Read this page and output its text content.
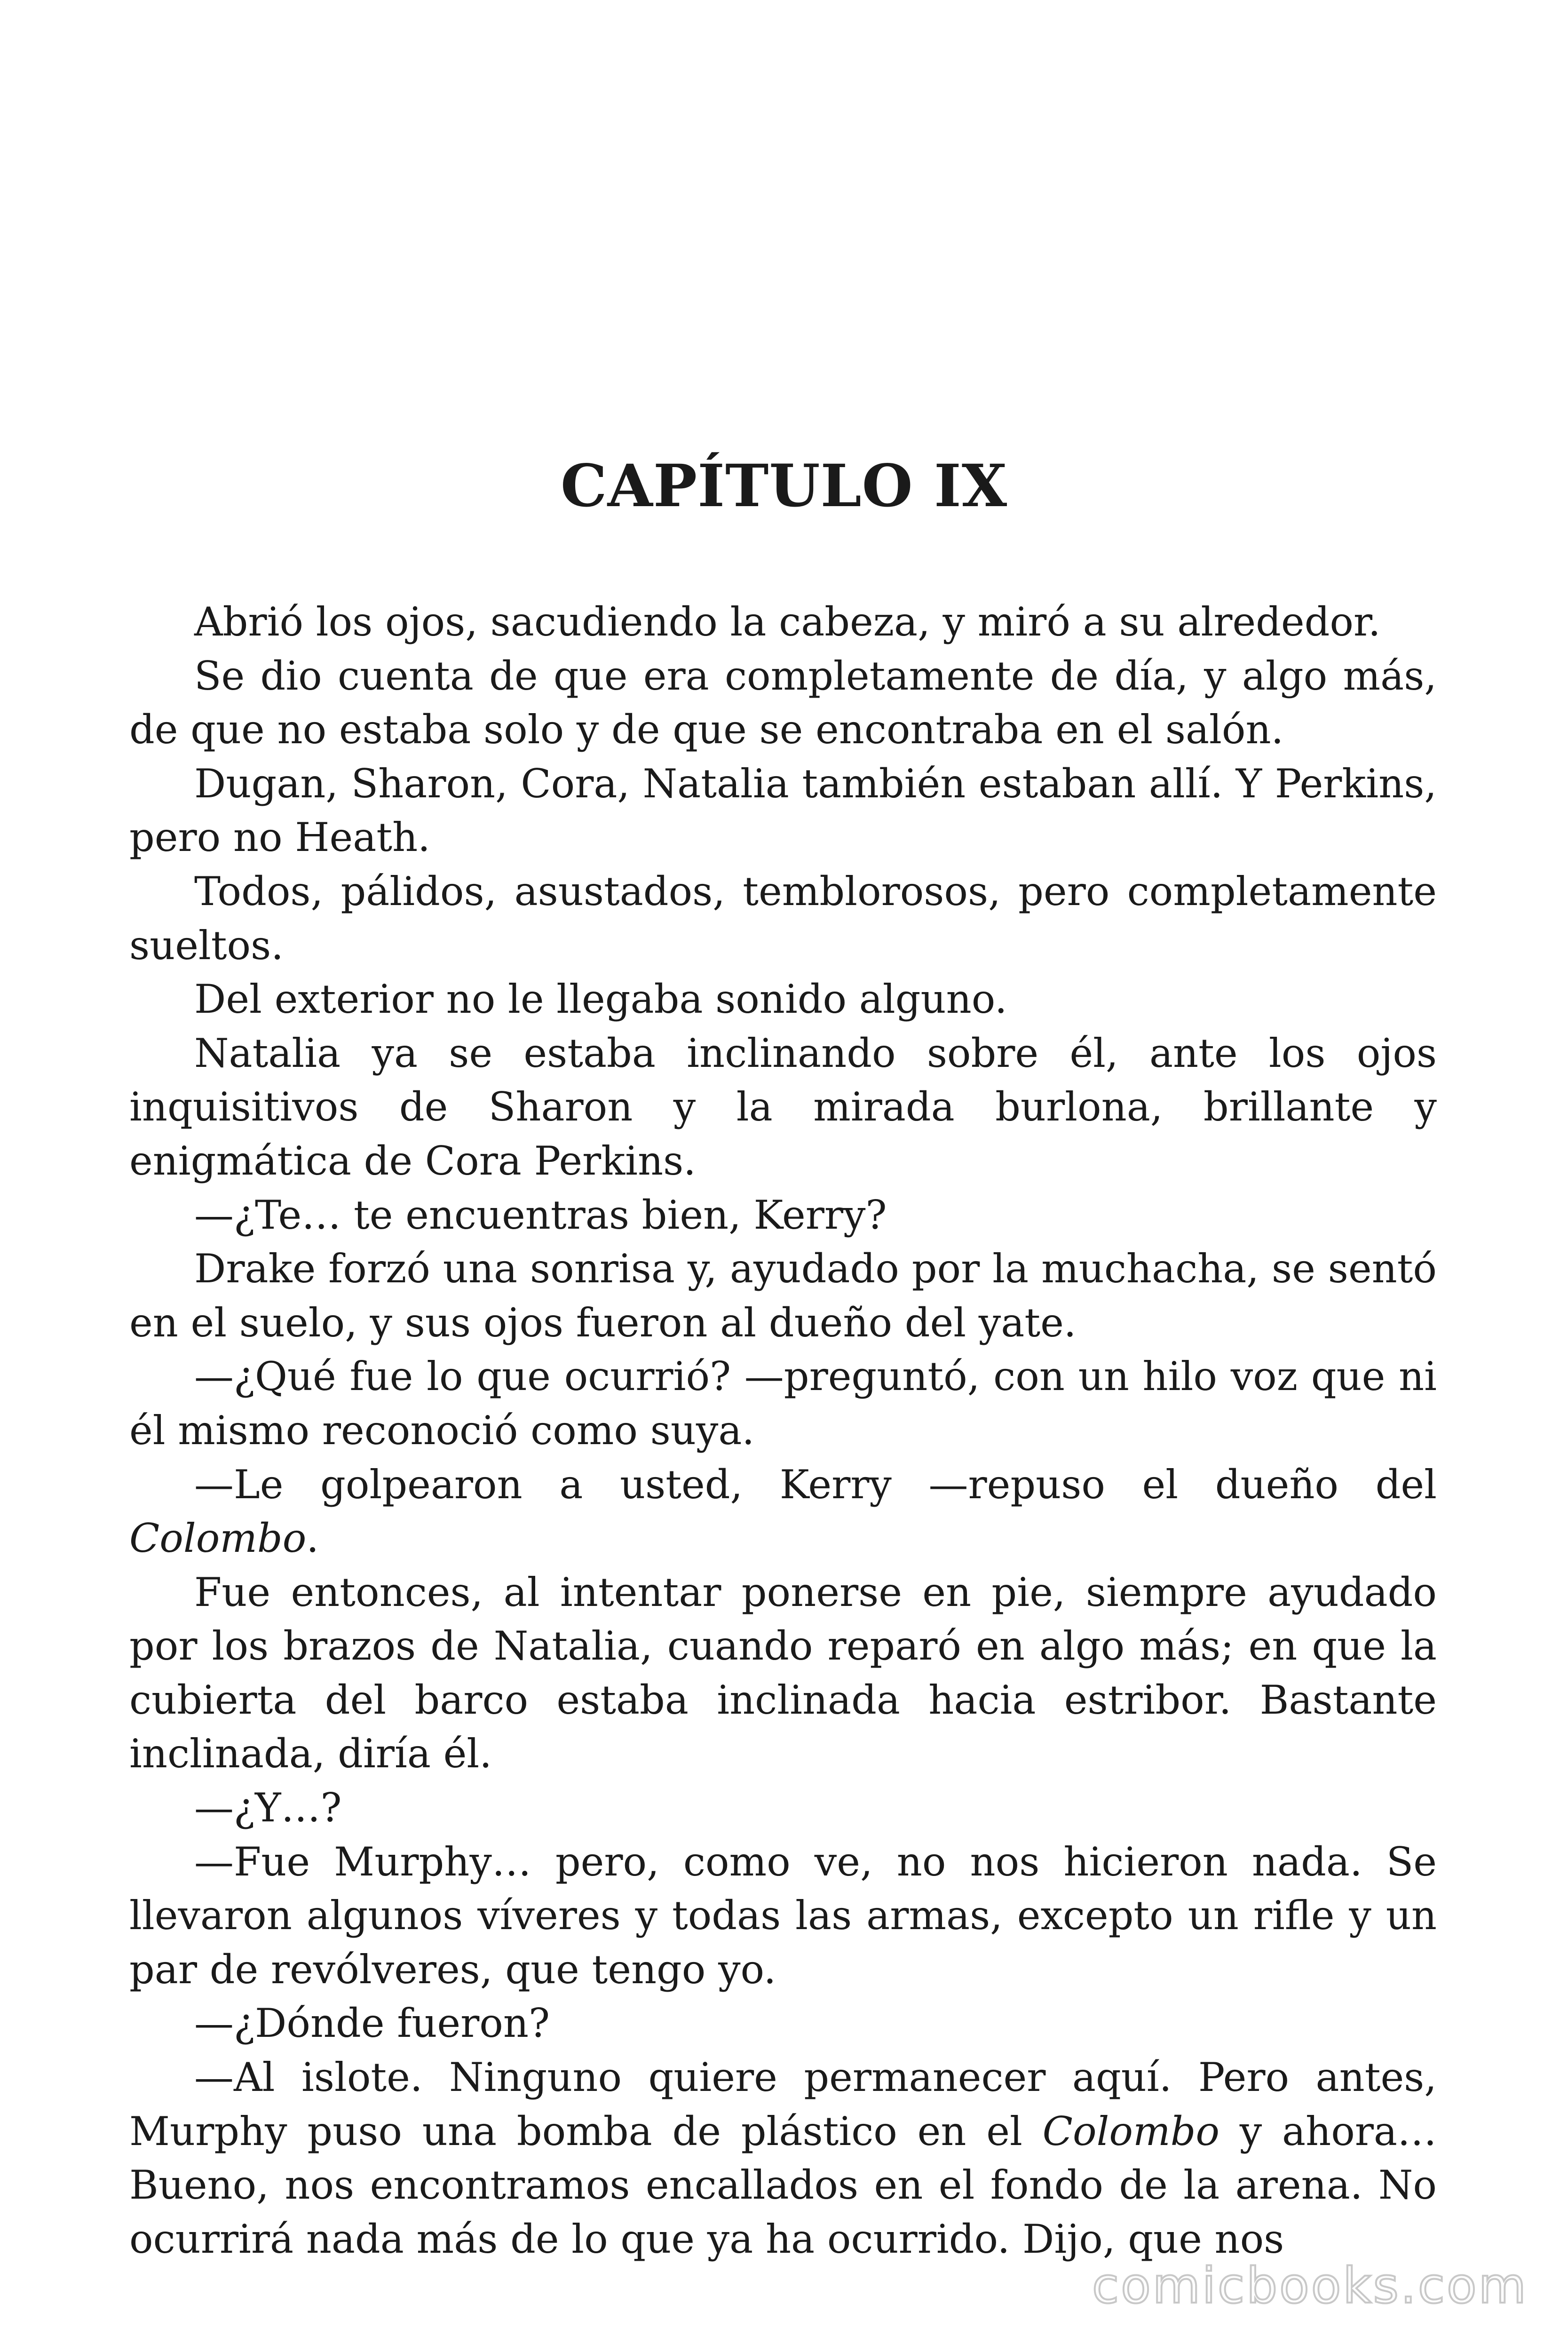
CAPÍTULO IX

Abrió los ojos, sacudiendo la cabeza, y miró a su alrededor.

Se dio cuenta de que era completamente de día, y algo más, de que no estaba solo y de que se encontraba en el salón.

Dugan, Sharon, Cora, Natalia también estaban allí. Y Perkins, pero no Heath.

Todos, pálidos, asustados, temblorosos, pero completamente sueltos.

Del exterior no le llegaba sonido alguno.

Natalia ya se estaba inclinando sobre él, ante los ojos inquisitivos de Sharon y la mirada burlona, brillante y enigmática de Cora Perkins.

—¿Te… te encuentras bien, Kerry?

Drake forzó una sonrisa y, ayudado por la muchacha, se sentó en el suelo, y sus ojos fueron al dueño del yate.

—¿Qué fue lo que ocurrió? —preguntó, con un hilo voz que ni él mismo reconoció como suya.

—Le golpearon a usted, Kerry —repuso el dueño del Colombo.

Fue entonces, al intentar ponerse en pie, siempre ayudado por los brazos de Natalia, cuando reparó en algo más; en que la cubierta del barco estaba inclinada hacia estribor. Bastante inclinada, diría él.

—¿Y…?

—Fue Murphy… pero, como ve, no nos hicieron nada. Se llevaron algunos víveres y todas las armas, excepto un rifle y un par de revólveres, que tengo yo.

—¿Dónde fueron?

—Al islote. Ninguno quiere permanecer aquí. Pero antes, Murphy puso una bomba de plástico en el Colombo y ahora… Bueno, nos encontramos encallados en el fondo de la arena. No ocurrirá nada más de lo que ya ha ocurrido. Dijo, que nos

comicbooks.com
